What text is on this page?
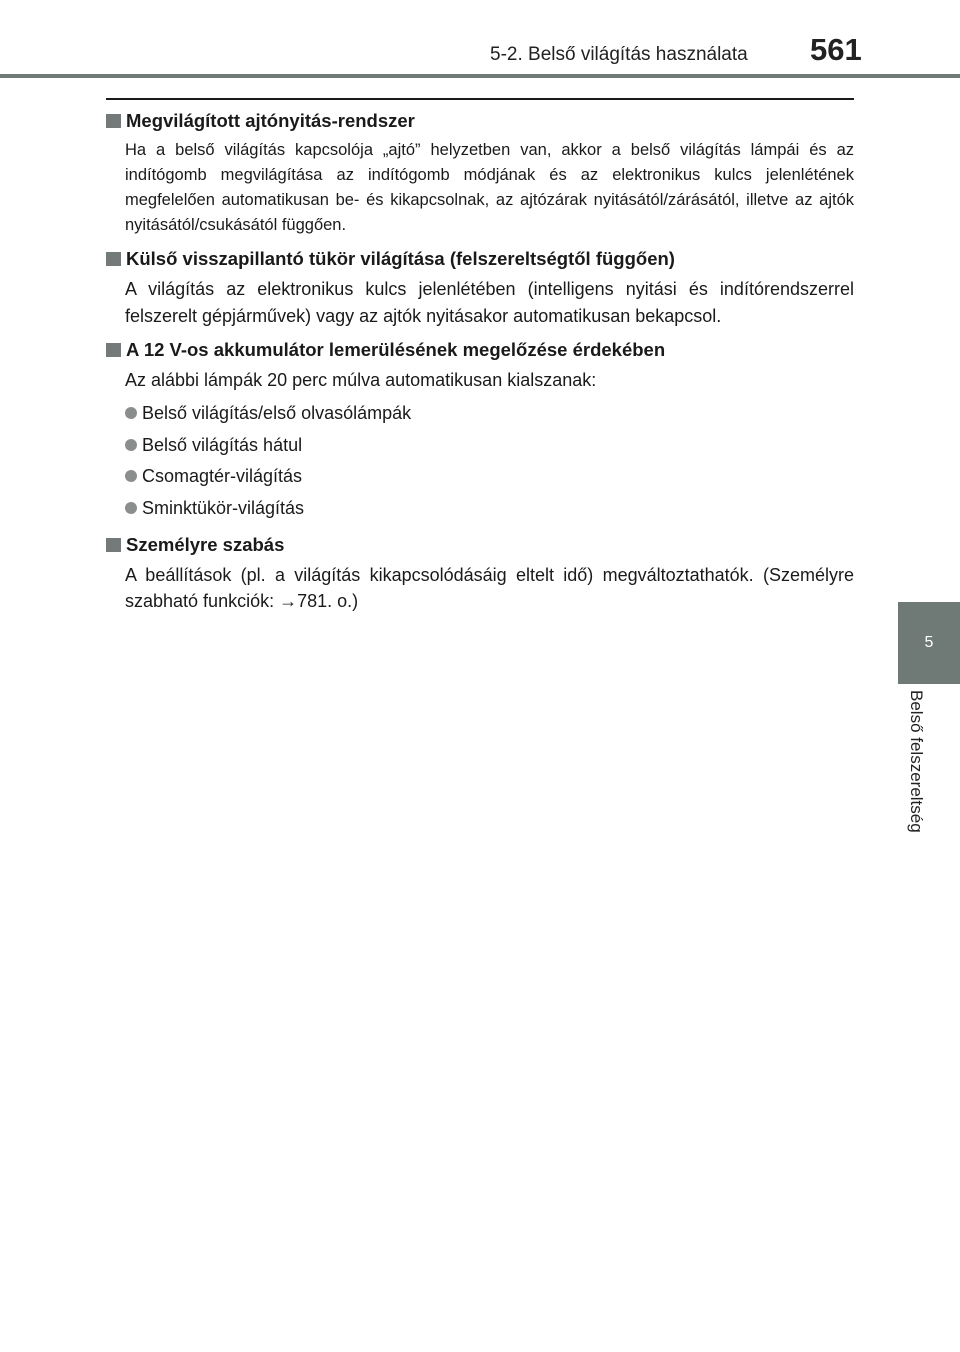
5-2. Belső világítás használata	561
5
Belső felszereltség
Megvilágított ajtónyitás-rendszer
Ha a belső világítás kapcsolója „ajtó” helyzetben van, akkor a belső világítás lámpái és az indítógomb megvilágítása az indítógomb módjának és az elektronikus kulcs jelenlétének megfelelően automatikusan be- és kikapcsolnak, az ajtózárak nyitásától/zárásától, illetve az ajtók nyitásától/csukásától függően.
Külső visszapillantó tükör világítása (felszereltségtől függően)
A világítás az elektronikus kulcs jelenlétében (intelligens nyitási és indítórendszerrel felszerelt gépjárművek) vagy az ajtók nyitásakor automatikusan bekapcsol.
A 12 V-os akkumulátor lemerülésének megelőzése érdekében
Az alábbi lámpák 20 perc múlva automatikusan kialszanak:
Belső világítás/első olvasólámpák
Belső világítás hátul
Csomagtér-világítás
Sminktükör-világítás
Személyre szabás
A beállítások (pl. a világítás kikapcsolódásáig eltelt idő) megváltoztathatók. (Személyre szabható funkciók: →781. o.)
